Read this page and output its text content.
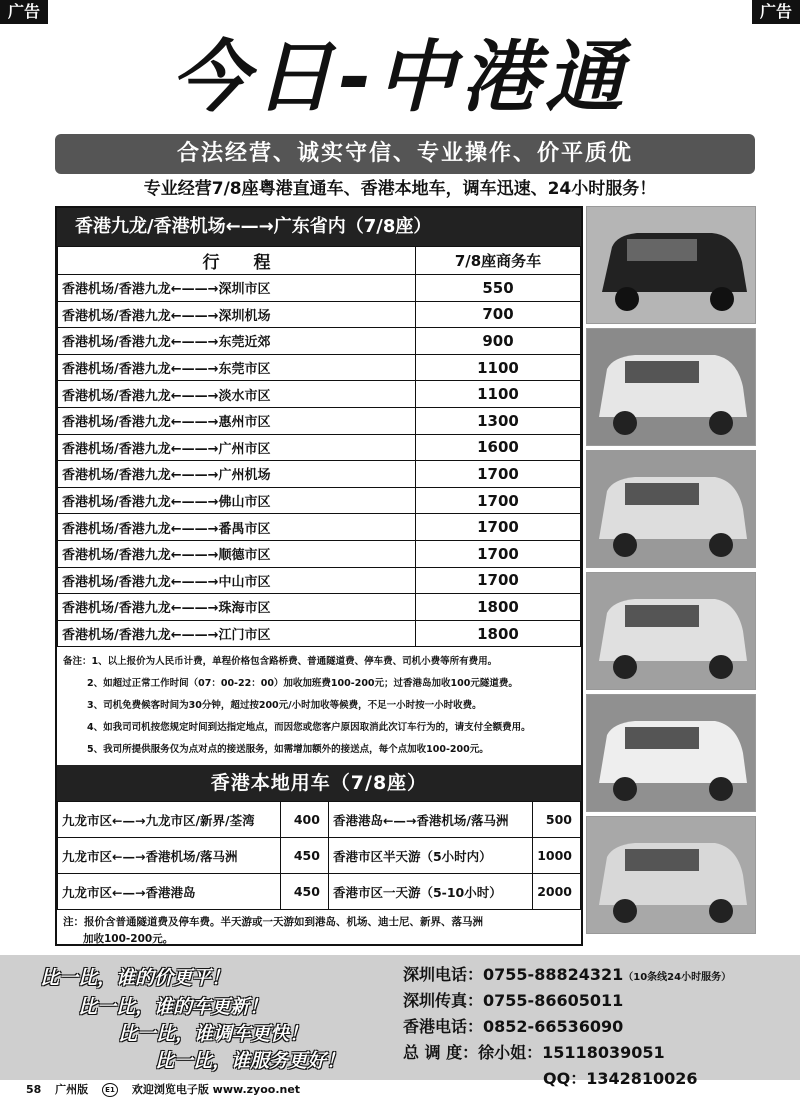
广告	广告
今日-中港通
合法经营、诚实守信、专业操作、价平质优
专业经营7/8座粤港直通车、香港本地车，调车迅速、24小时服务！
香港九龙/香港机场←—→广东省内（7/8座）
行　　程	7/8座商务车
香港机场/香港九龙←——→深圳市区	550
香港机场/香港九龙←——→深圳机场	700
香港机场/香港九龙←——→东莞近郊	900
香港机场/香港九龙←——→东莞市区	1100
香港机场/香港九龙←——→淡水市区	1100
香港机场/香港九龙←——→惠州市区	1300
香港机场/香港九龙←——→广州市区	1600
香港机场/香港九龙←——→广州机场	1700
香港机场/香港九龙←——→佛山市区	1700
香港机场/香港九龙←——→番禺市区	1700
香港机场/香港九龙←——→顺德市区	1700
香港机场/香港九龙←——→中山市区	1700
香港机场/香港九龙←——→珠海市区	1800
香港机场/香港九龙←——→江门市区	1800
备注：1、以上报价为人民币计费，单程价格包含路桥费、普通隧道费、停车费、司机小费等所有费用。
2、如超过正常工作时间（07：00-22：00）加收加班费100-200元；过香港岛加收100元隧道费。
3、司机免费候客时间为30分钟，超过按200元/小时加收等候费，不足一小时按一小时收费。
4、如我司司机按您规定时间到达指定地点，而因您或您客户原因取消此次订车行为的，请支付全额费用。
5、我司所提供服务仅为点对点的接送服务，如需增加额外的接送点，每个点加收100-200元。
香港本地用车（7/8座）
九龙市区←—→九龙市区/新界/荃湾	400	香港港岛←—→香港机场/落马洲	500
九龙市区←—→香港机场/落马洲	450	香港市区半天游（5小时内）	1000
九龙市区←—→香港港岛	450	香港市区一天游（5-10小时）	2000
注：报价含普通隧道费及停车费。半天游或一天游如到港岛、机场、迪士尼、新界、落马洲
加收100-200元。
比一比，谁的价更平！
比一比，谁的车更新！
比一比，谁调车更快！
比一比，谁服务更好！
深圳电话：0755-88824321（10条线24小时服务）
深圳传真：0755-86605011
香港电话：0852-66536090
总 调 度：徐小姐：15118039051
QQ：1342810026
58 广州版 E1 欢迎浏览电子版 www.zyoo.net
